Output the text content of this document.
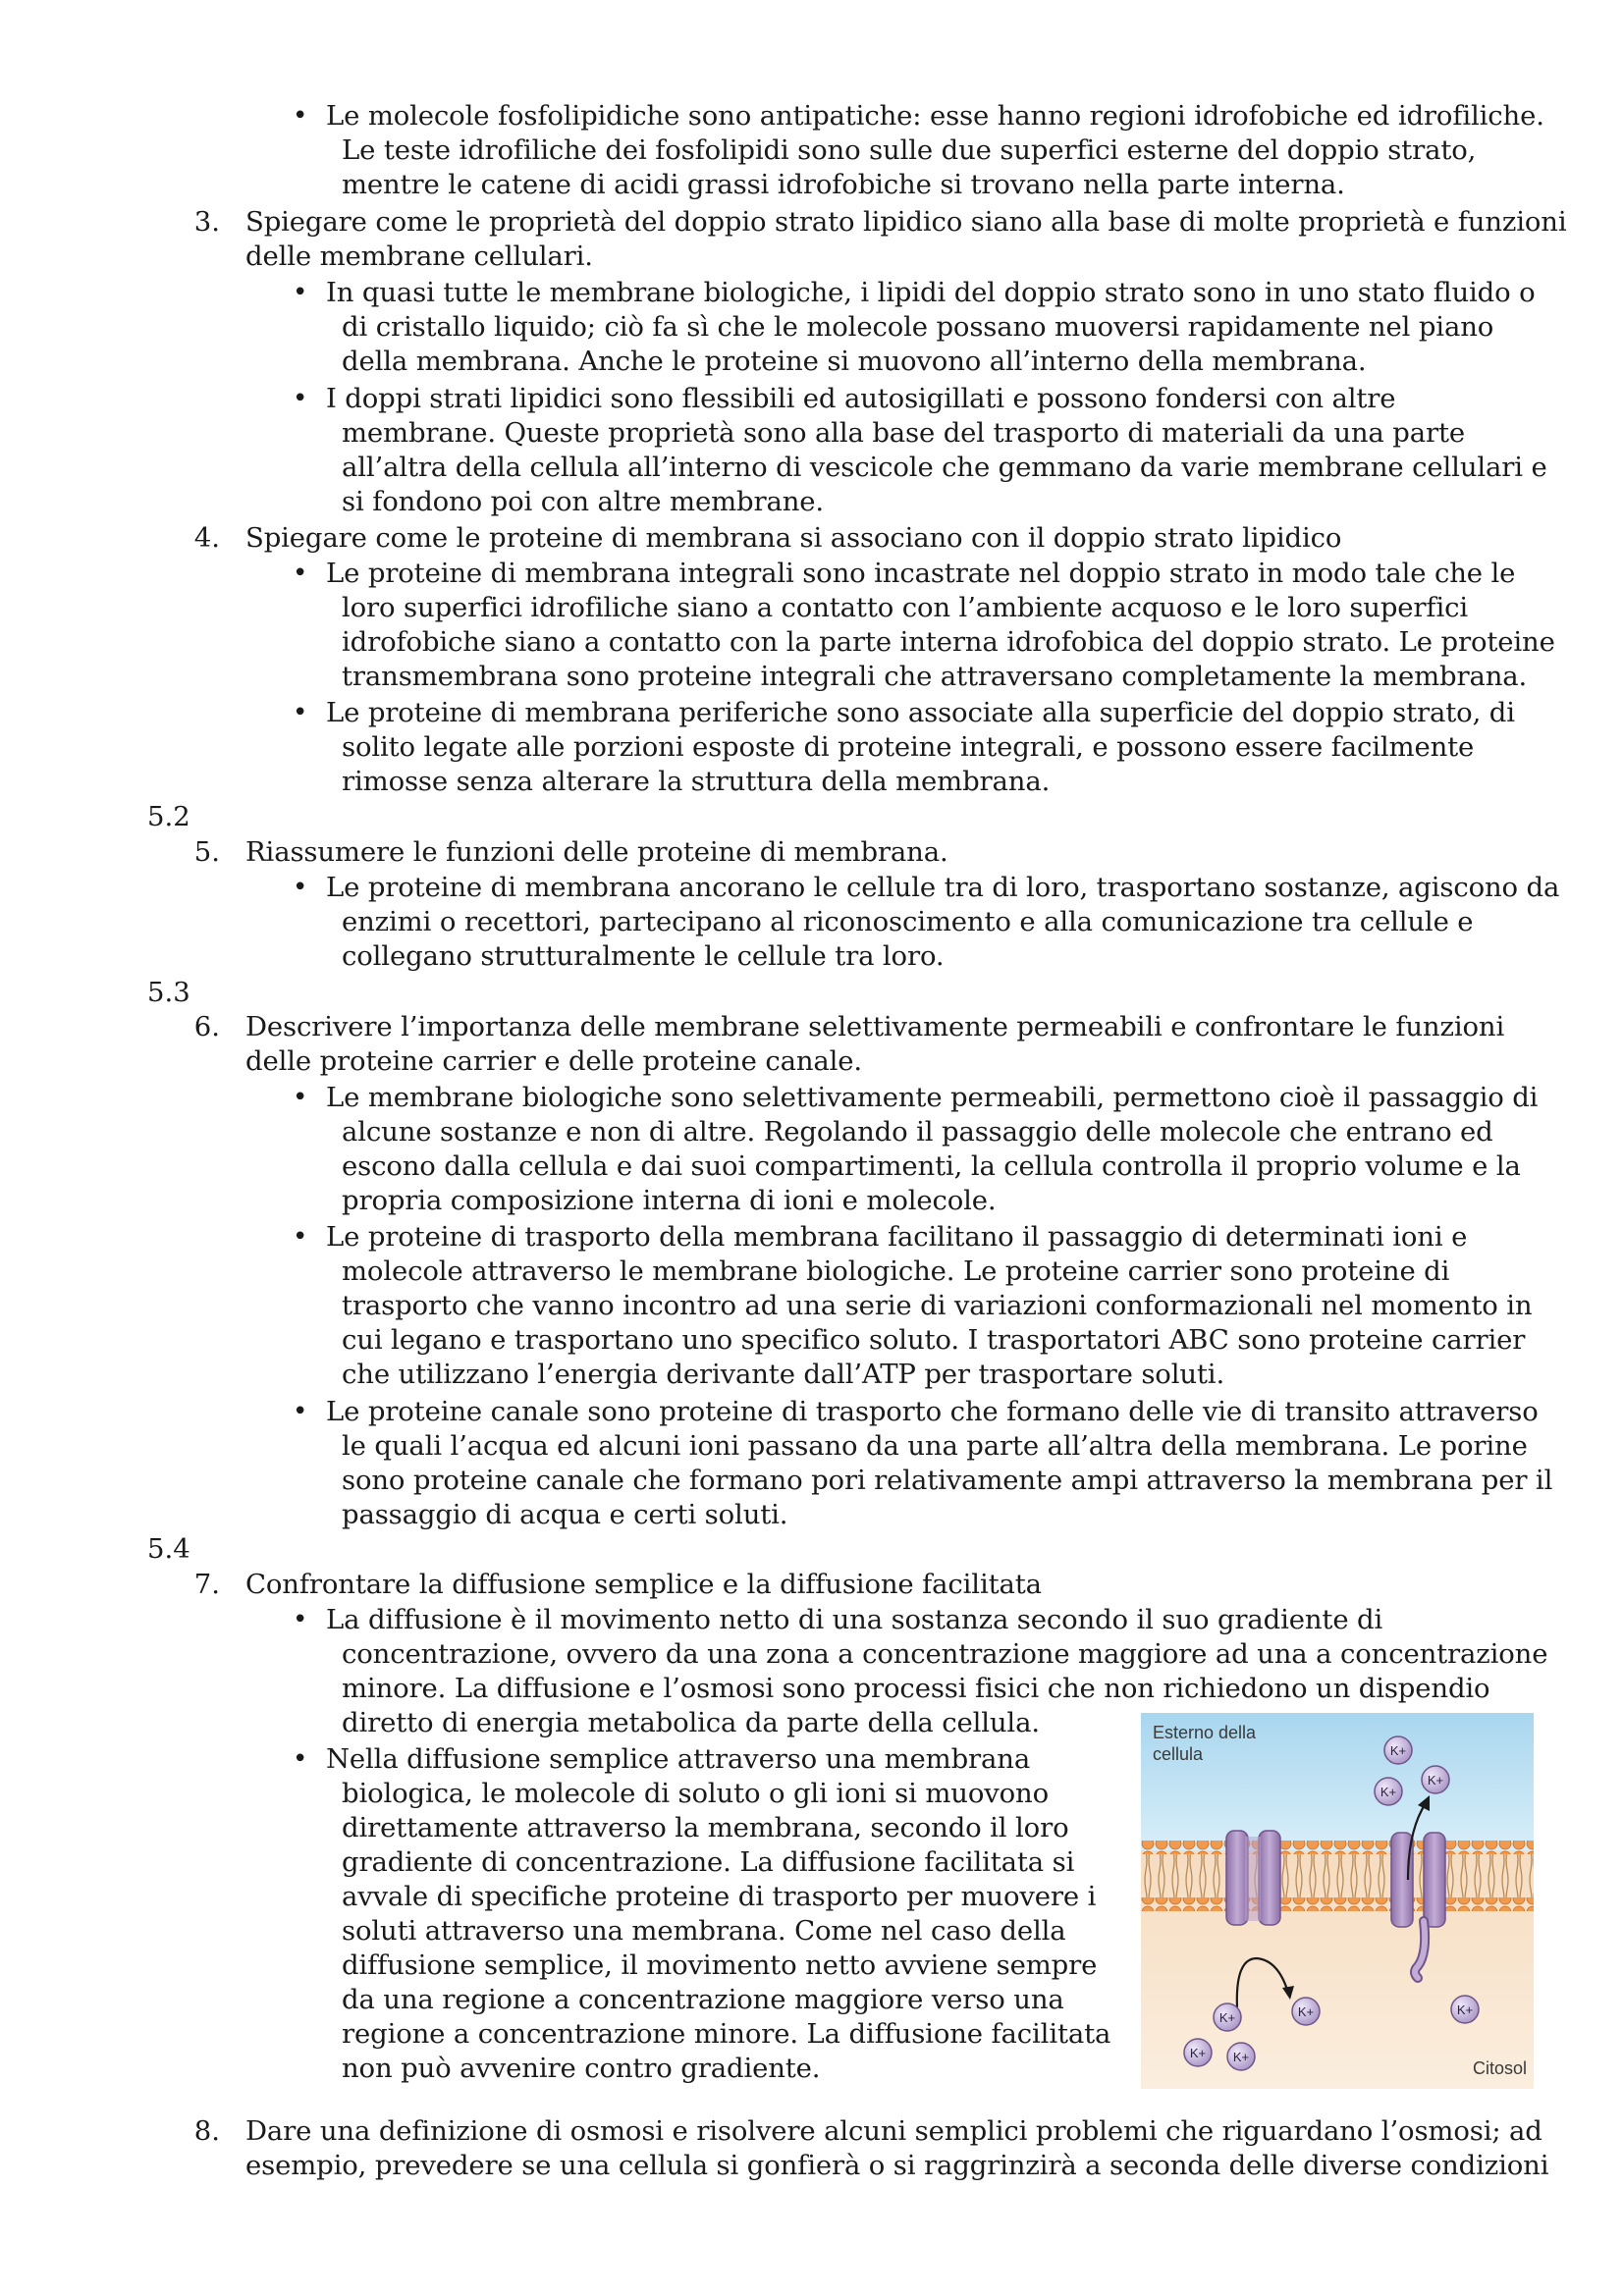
• Le molecole fosfolipidiche sono antipatiche: esse hanno regioni idrofobiche ed idrofiliche.
Le teste idrofiliche dei fosfolipidi sono sulle due superfici esterne del doppio strato,
mentre le catene di acidi grassi idrofobiche si trovano nella parte interna.
3. Spiegare come le proprietà del doppio strato lipidico siano alla base di molte proprietà e funzioni
delle membrane cellulari.
• In quasi tutte le membrane biologiche, i lipidi del doppio strato sono in uno stato fluido o
di cristallo liquido; ciò fa sì che le molecole possano muoversi rapidamente nel piano
della membrana. Anche le proteine si muovono all’interno della membrana.
• I doppi strati lipidici sono flessibili ed autosigillati e possono fondersi con altre
membrane. Queste proprietà sono alla base del trasporto di materiali da una parte
all’altra della cellula all’interno di vescicole che gemmano da varie membrane cellulari e
si fondono poi con altre membrane.
4. Spiegare come le proteine di membrana si associano con il doppio strato lipidico
• Le proteine di membrana integrali sono incastrate nel doppio strato in modo tale che le
loro superfici idrofiliche siano a contatto con l’ambiente acquoso e le loro superfici
idrofobiche siano a contatto con la parte interna idrofobica del doppio strato. Le proteine
transmembrana sono proteine integrali che attraversano completamente la membrana.
• Le proteine di membrana periferiche sono associate alla superficie del doppio strato, di
solito legate alle porzioni esposte di proteine integrali, e possono essere facilmente
rimosse senza alterare la struttura della membrana.
5.2
5. Riassumere le funzioni delle proteine di membrana.
• Le proteine di membrana ancorano le cellule tra di loro, trasportano sostanze, agiscono da
enzimi o recettori, partecipano al riconoscimento e alla comunicazione tra cellule e
collegano strutturalmente le cellule tra loro.
5.3
6. Descrivere l’importanza delle membrane selettivamente permeabili e confrontare le funzioni
delle proteine carrier e delle proteine canale.
• Le membrane biologiche sono selettivamente permeabili, permettono cioè il passaggio di
alcune sostanze e non di altre. Regolando il passaggio delle molecole che entrano ed
escono dalla cellula e dai suoi compartimenti, la cellula controlla il proprio volume e la
propria composizione interna di ioni e molecole.
• Le proteine di trasporto della membrana facilitano il passaggio di determinati ioni e
molecole attraverso le membrane biologiche. Le proteine carrier sono proteine di
trasporto che vanno incontro ad una serie di variazioni conformazionali nel momento in
cui legano e trasportano uno specifico soluto. I trasportatori ABC sono proteine carrier
che utilizzano l’energia derivante dall’ATP per trasportare soluti.
• Le proteine canale sono proteine di trasporto che formano delle vie di transito attraverso
le quali l’acqua ed alcuni ioni passano da una parte all’altra della membrana. Le porine
sono proteine canale che formano pori relativamente ampi attraverso la membrana per il
passaggio di acqua e certi soluti.
5.4
7. Confrontare la diffusione semplice e la diffusione facilitata
• La diffusione è il movimento netto di una sostanza secondo il suo gradiente di
concentrazione, ovvero da una zona a concentrazione maggiore ad una a concentrazione
minore. La diffusione e l’osmosi sono processi fisici che non richiedono un dispendio
diretto di energia metabolica da parte della cellula.
• Nella diffusione semplice attraverso una membrana
biologica, le molecole di soluto o gli ioni si muovono
direttamente attraverso la membrana, secondo il loro
gradiente di concentrazione. La diffusione facilitata si
avvale di specifiche proteine di trasporto per muovere i
soluti attraverso una membrana. Come nel caso della
diffusione semplice, il movimento netto avviene sempre
da una regione a concentrazione maggiore verso una
regione a concentrazione minore. La diffusione facilitata
non può avvenire contro gradiente.
8. Dare una definizione di osmosi e risolvere alcuni semplici problemi che riguardano l’osmosi; ad
esempio, prevedere se una cellula si gonfierà o si raggrinzirà a seconda delle diverse condizioni
Esterno della
cellula
Citosol
K+
K+
K+
K+
K+
K+ K+
K+
